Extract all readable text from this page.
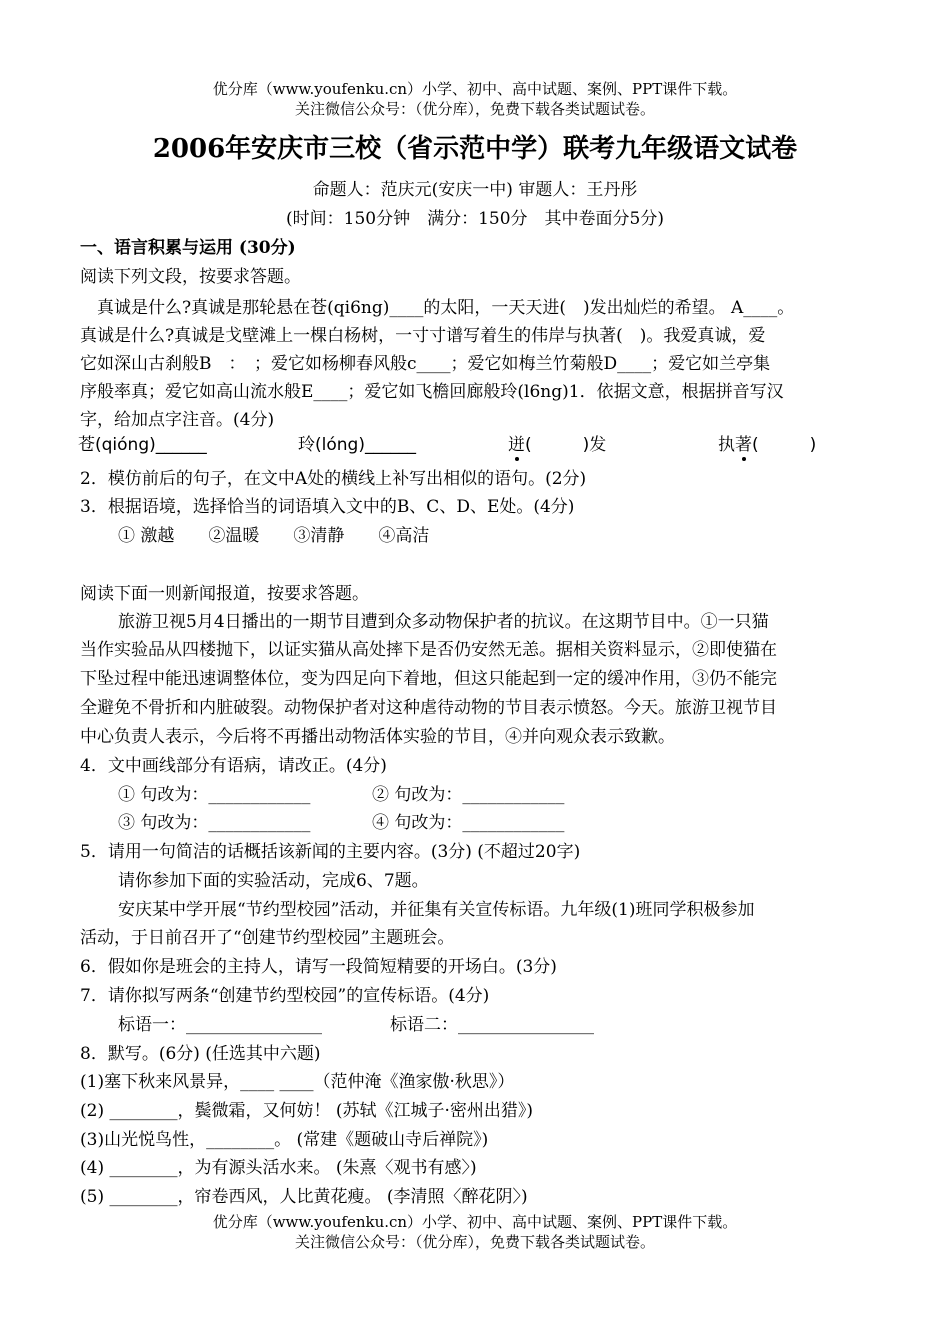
优分库（www.youfenku.cn）小学、初中、高中试题、案例、PPT课件下载。
关注微信公众号：（优分库），免费下载各类试题试卷。
2006年安庆市三校（省示范中学）联考九年级语文试卷
命题人：范庆元(安庆一中) 审题人：王丹彤
(时间：150分钟　满分：150分　其中卷面分5分)
一、语言积累与运用 (30分)
阅读下列文段，按要求答题。
　真诚是什么?真诚是那轮悬在苍(qi6ng)____的太阳，一天天进(　)发出灿烂的希望。 A____。
真诚是什么?真诚是戈壁滩上一棵白杨树，一寸寸谱写着生的伟岸与执著(　)。我爱真诚，爱
它如深山古刹般B　：　；爱它如杨柳春风般c____；爱它如梅兰竹菊般D____；爱它如兰亭集
序般率真；爱它如高山流水般E____；爱它如飞檐回廊般玲(l6ng)1．依据文意，根据拼音写汉
字，给加点字注音。(4分)
苍(qióng)______	玲(lóng)______	迸(　　　)发	执著(　　　)
2．模仿前后的句子，在文中A处的横线上补写出相似的语句。(2分)
3．根据语境，选择恰当的词语填入文中的B、C、D、E处。(4分)
① 激越　　②温暖　　③清静　　④高洁
阅读下面一则新闻报道，按要求答题。
旅游卫视5月4日播出的一期节目遭到众多动物保护者的抗议。在这期节目中。①一只猫
当作实验品从四楼抛下，以证实猫从高处摔下是否仍安然无恙。据相关资料显示，②即使猫在
下坠过程中能迅速调整体位，变为四足向下着地，但这只能起到一定的缓冲作用，③仍不能完
全避免不骨折和内脏破裂。动物保护者对这种虐待动物的节目表示愤怒。今天。旅游卫视节目
中心负责人表示，今后将不再播出动物活体实验的节目，④并向观众表示致歉。
4．文中画线部分有语病，请改正。(4分)
① 句改为：____________	② 句改为：____________
③ 句改为：____________	④ 句改为：____________
5．请用一句简洁的话概括该新闻的主要内容。(3分) (不超过20字)
请你参加下面的实验活动，完成6、7题。
安庆某中学开展“节约型校园”活动，并征集有关宣传标语。九年级(1)班同学积极参加
活动，于日前召开了“创建节约型校园”主题班会。
6．假如你是班会的主持人，请写一段简短精要的开场白。(3分)
7．请你拟写两条“创建节约型校园”的宣传标语。(4分)
标语一：________________	标语二：________________
8．默写。(6分) (任选其中六题)
(1)塞下秋来风景异，____ ____（范仲淹《渔家傲·秋思》）
(2) ________，鬓微霜，又何妨！ (苏轼《江城子·密州出猎》)
(3)山光悦鸟性，________。 (常建《题破山寺后禅院》)
(4) ________，为有源头活水来。 (朱熹〈观书有感〉)
(5) ________，帘卷西风，人比黄花瘦。 (李清照〈醉花阴〉)
优分库（www.youfenku.cn）小学、初中、高中试题、案例、PPT课件下载。
关注微信公众号：（优分库），免费下载各类试题试卷。
